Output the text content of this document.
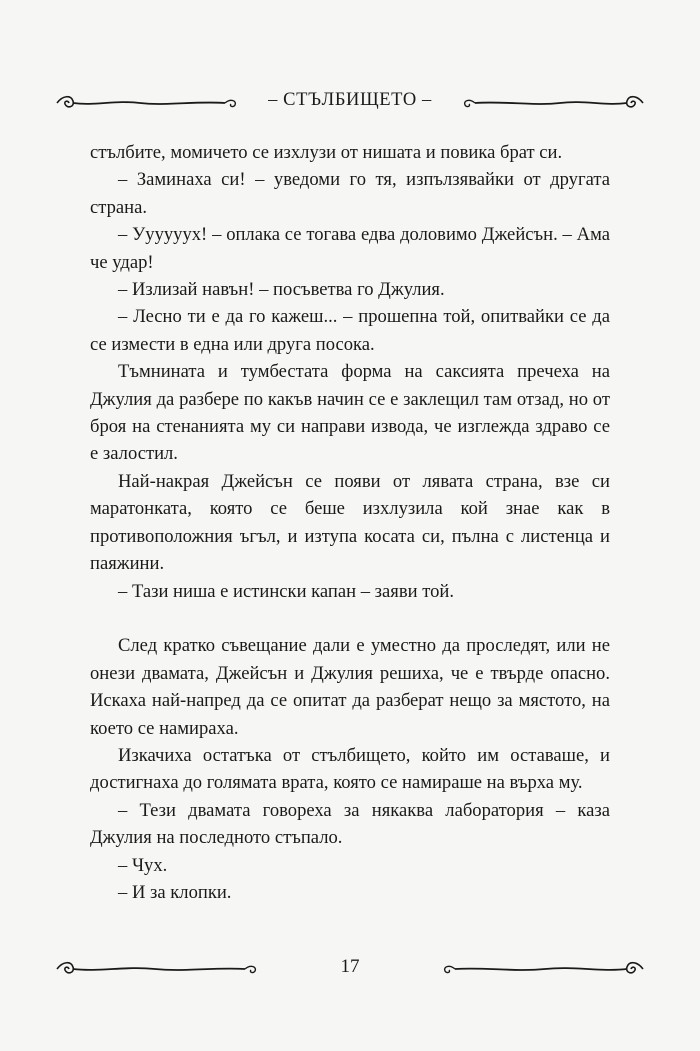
– СТЪЛБИЩЕТО –

стълбите, момичето се изхлузи от нишата и повика брат си.

– Заминаха си! – уведоми го тя, изпълзявайки от другата страна.

– Уууууух! – оплака се тогава едва доловимо Джейсън. – Ама че удар!

– Излизай навън! – посъветва го Джулия.

– Лесно ти е да го кажеш... – прошепна той, опитвайки се да се измести в една или друга посока.

Тъмнината и тумбестата форма на саксията пречеха на Джулия да разбере по какъв начин се е заклещил там отзад, но от броя на стенанията му си направи извода, че изглежда здраво се е залостил.

Най-накрая Джейсън се появи от лявата страна, взе си маратонката, която се беше изхлузила кой знае как в противоположния ъгъл, и изтупа косата си, пълна с листенца и паяжини.

– Тази ниша е истински капан – заяви той.

След кратко съвещание дали е уместно да проследят, или не онези двамата, Джейсън и Джулия решиха, че е твърде опасно. Искаха най-напред да се опитат да разберат нещо за мястото, на което се намираха.

Изкачиха остатъка от стълбището, който им оставаше, и достигнаха до голямата врата, която се намираше на върха му.

– Тези двамата говореха за някаква лаборатория – каза Джулия на последното стъпало.

– Чух.

– И за клопки.

17
